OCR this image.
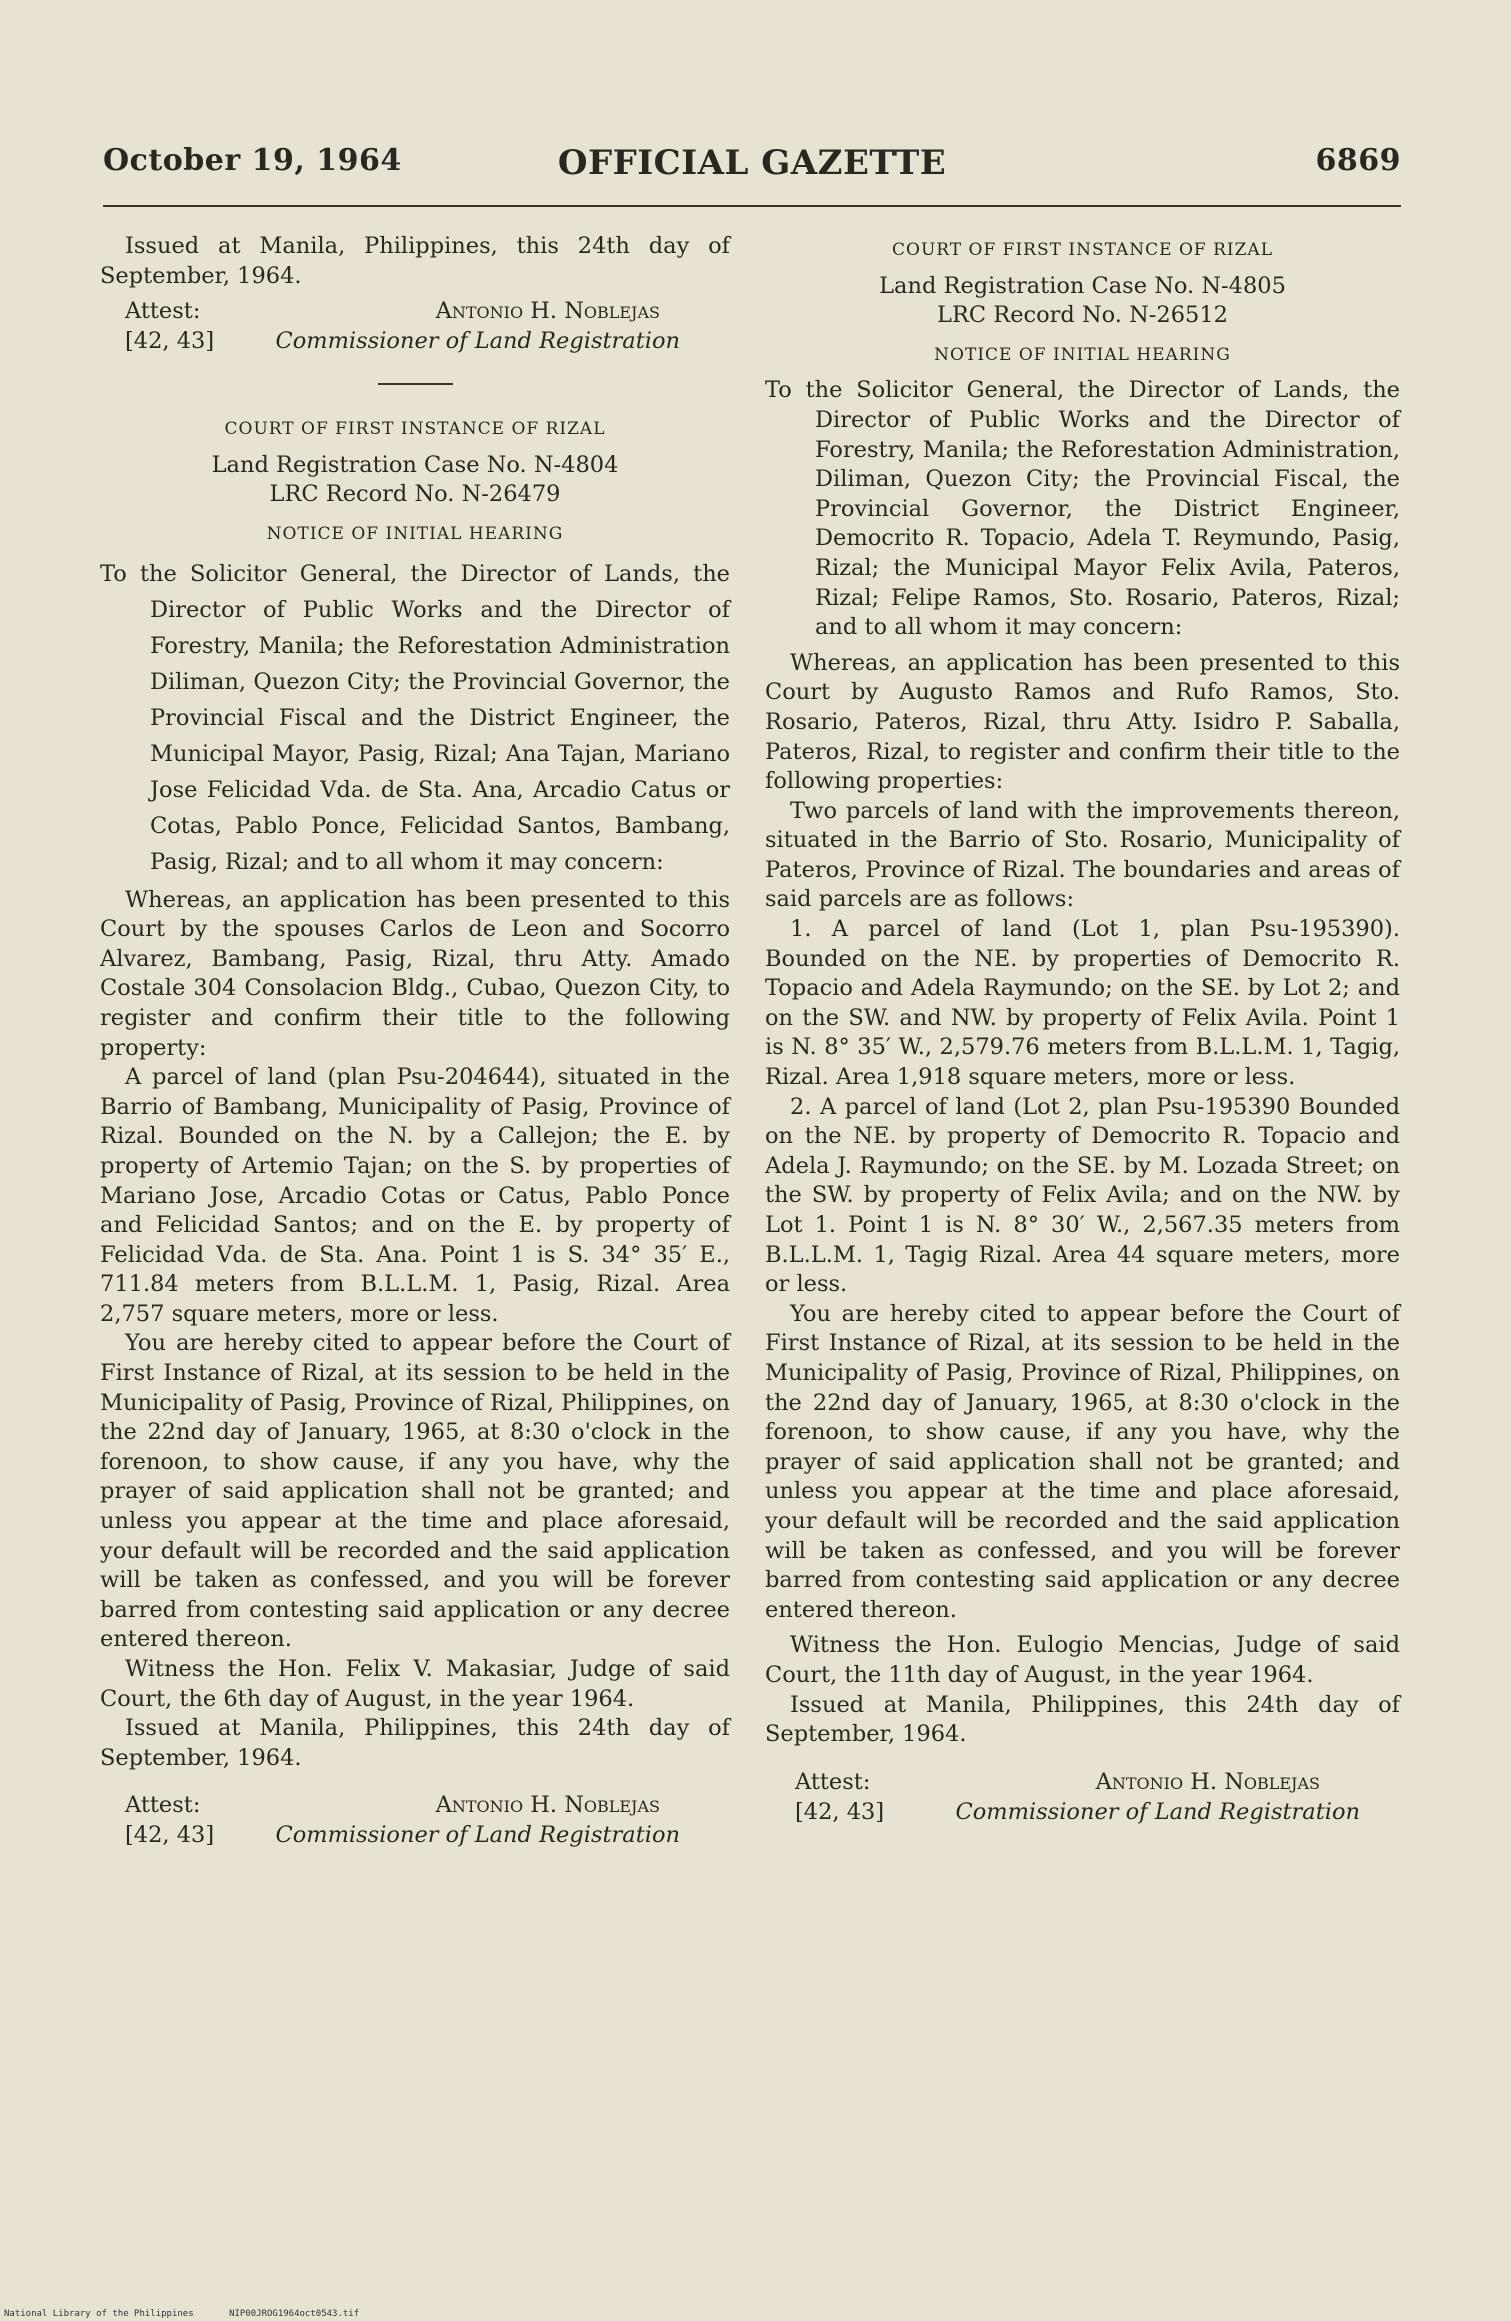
October 19, 1964	OFFICIAL GAZETTE	6869

Issued at Manila, Philippines, this 24th day of September, 1964.

Attest:	Antonio H. Noblejas
[42, 43]	Commissioner of Land Registration
COURT OF FIRST INSTANCE OF RIZAL

Land Registration Case No. N-4804

LRC Record No. N-26479

NOTICE OF INITIAL HEARING

To the Solicitor General, the Director of Lands, the Director of Public Works and the Director of Forestry, Manila; the Reforestation Administration Diliman, Quezon City; the Provincial Governor, the Provincial Fiscal and the District Engineer, the Municipal Mayor, Pasig, Rizal; Ana Tajan, Mariano Jose Felicidad Vda. de Sta. Ana, Arcadio Catus or Cotas, Pablo Ponce, Felicidad Santos, Bambang, Pasig, Rizal; and to all whom it may concern:

Whereas, an application has been presented to this Court by the spouses Carlos de Leon and Socorro Alvarez, Bambang, Pasig, Rizal, thru Atty. Amado Costale 304 Consolacion Bldg., Cubao, Quezon City, to register and confirm their title to the following property:

A parcel of land (plan Psu-204644), situated in the Barrio of Bambang, Municipality of Pasig, Province of Rizal. Bounded on the N. by a Callejon; the E. by property of Artemio Tajan; on the S. by properties of Mariano Jose, Arcadio Cotas or Catus, Pablo Ponce and Felicidad Santos; and on the E. by property of Felicidad Vda. de Sta. Ana. Point 1 is S. 34° 35′ E., 711.84 meters from B.L.L.M. 1, Pasig, Rizal. Area 2,757 square meters, more or less.

You are hereby cited to appear before the Court of First Instance of Rizal, at its session to be held in the Municipality of Pasig, Province of Rizal, Philippines, on the 22nd day of January, 1965, at 8:30 o'clock in the forenoon, to show cause, if any you have, why the prayer of said application shall not be granted; and unless you appear at the time and place aforesaid, your default will be recorded and the said application will be taken as confessed, and you will be forever barred from contesting said application or any decree entered thereon.

Witness the Hon. Felix V. Makasiar, Judge of said Court, the 6th day of August, in the year 1964.

Issued at Manila, Philippines, this 24th day of September, 1964.

Attest:	Antonio H. Noblejas
[42, 43]	Commissioner of Land Registration
COURT OF FIRST INSTANCE OF RIZAL

Land Registration Case No. N-4805

LRC Record No. N-26512

NOTICE OF INITIAL HEARING

To the Solicitor General, the Director of Lands, the Director of Public Works and the Director of Forestry, Manila; the Reforestation Administration, Diliman, Quezon City; the Provincial Fiscal, the Provincial Governor, the District Engineer, Democrito R. Topacio, Adela T. Reymundo, Pasig, Rizal; the Municipal Mayor Felix Avila, Pateros, Rizal; Felipe Ramos, Sto. Rosario, Pateros, Rizal; and to all whom it may concern:

Whereas, an application has been presented to this Court by Augusto Ramos and Rufo Ramos, Sto. Rosario, Pateros, Rizal, thru Atty. Isidro P. Saballa, Pateros, Rizal, to register and confirm their title to the following properties:

Two parcels of land with the improvements thereon, situated in the Barrio of Sto. Rosario, Municipality of Pateros, Province of Rizal. The boundaries and areas of said parcels are as follows:

1. A parcel of land (Lot 1, plan Psu-195390). Bounded on the NE. by properties of Democrito R. Topacio and Adela Raymundo; on the SE. by Lot 2; and on the SW. and NW. by property of Felix Avila. Point 1 is N. 8° 35′ W., 2,579.76 meters from B.L.L.M. 1, Tagig, Rizal. Area 1,918 square meters, more or less.

2. A parcel of land (Lot 2, plan Psu-195390 Bounded on the NE. by property of Democrito R. Topacio and Adela J. Raymundo; on the SE. by M. Lozada Street; on the SW. by property of Felix Avila; and on the NW. by Lot 1. Point 1 is N. 8° 30′ W., 2,567.35 meters from B.L.L.M. 1, Tagig Rizal. Area 44 square meters, more or less.

You are hereby cited to appear before the Court of First Instance of Rizal, at its session to be held in the Municipality of Pasig, Province of Rizal, Philippines, on the 22nd day of January, 1965, at 8:30 o'clock in the forenoon, to show cause, if any you have, why the prayer of said application shall not be granted; and unless you appear at the time and place aforesaid, your default will be recorded and the said application will be taken as confessed, and you will be forever barred from contesting said application or any decree entered thereon.

Witness the Hon. Eulogio Mencias, Judge of said Court, the 11th day of August, in the year 1964.

Issued at Manila, Philippines, this 24th day of September, 1964.

Attest:	Antonio H. Noblejas
[42, 43]	Commissioner of Land Registration
National Library of the Philippines	NIP00JROG1964oct0543.tif
